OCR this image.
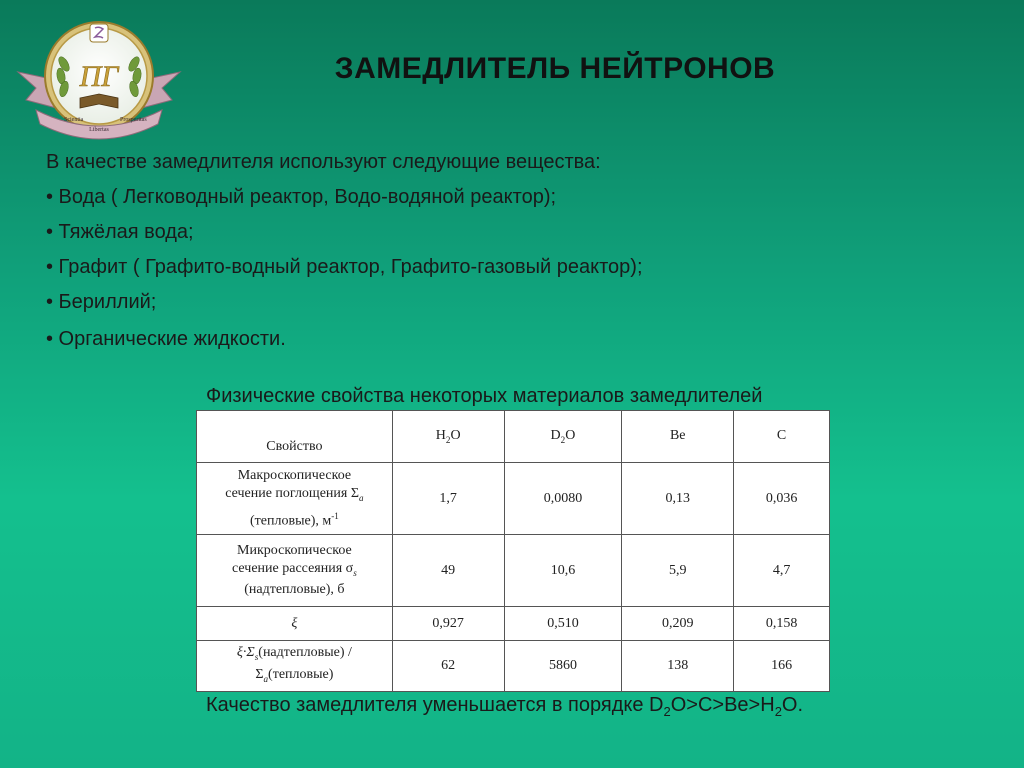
ПГ
Scientia
Libertas
Prosperitas
ЗАМЕДЛИТЕЛЬ НЕЙТРОНОВ
В качестве замедлителя используют следующие вещества:
• Вода ( Легководный реактор, Водо-водяной реактор);
• Тяжёлая вода;
• Графит ( Графито-водный реактор, Графито-газовый реактор);
• Бериллий;
• Органические жидкости.
Физические свойства некоторых материалов замедлителей
Свойство	$H_2O$	$D_2O$	Be	C
Макроскопическое
сечение поглощения $\Sigma_a$
(тепловые), $м^{-1}$	1,7	0,0080	0,13	0,036
Микроскопическое
сечение рассеяния $\sigma_s$
(надтепловые), б	49	10,6	5,9	4,7
ξ	0,927	0,510	0,209	0,158
$\xi\cdot\Sigma_s(надтепловые)$ /
$\Sigma_a(тепловые)$	62	5860	138	166
Качество замедлителя уменьшается в порядке $D_2O>C>Be>H_2O$.
